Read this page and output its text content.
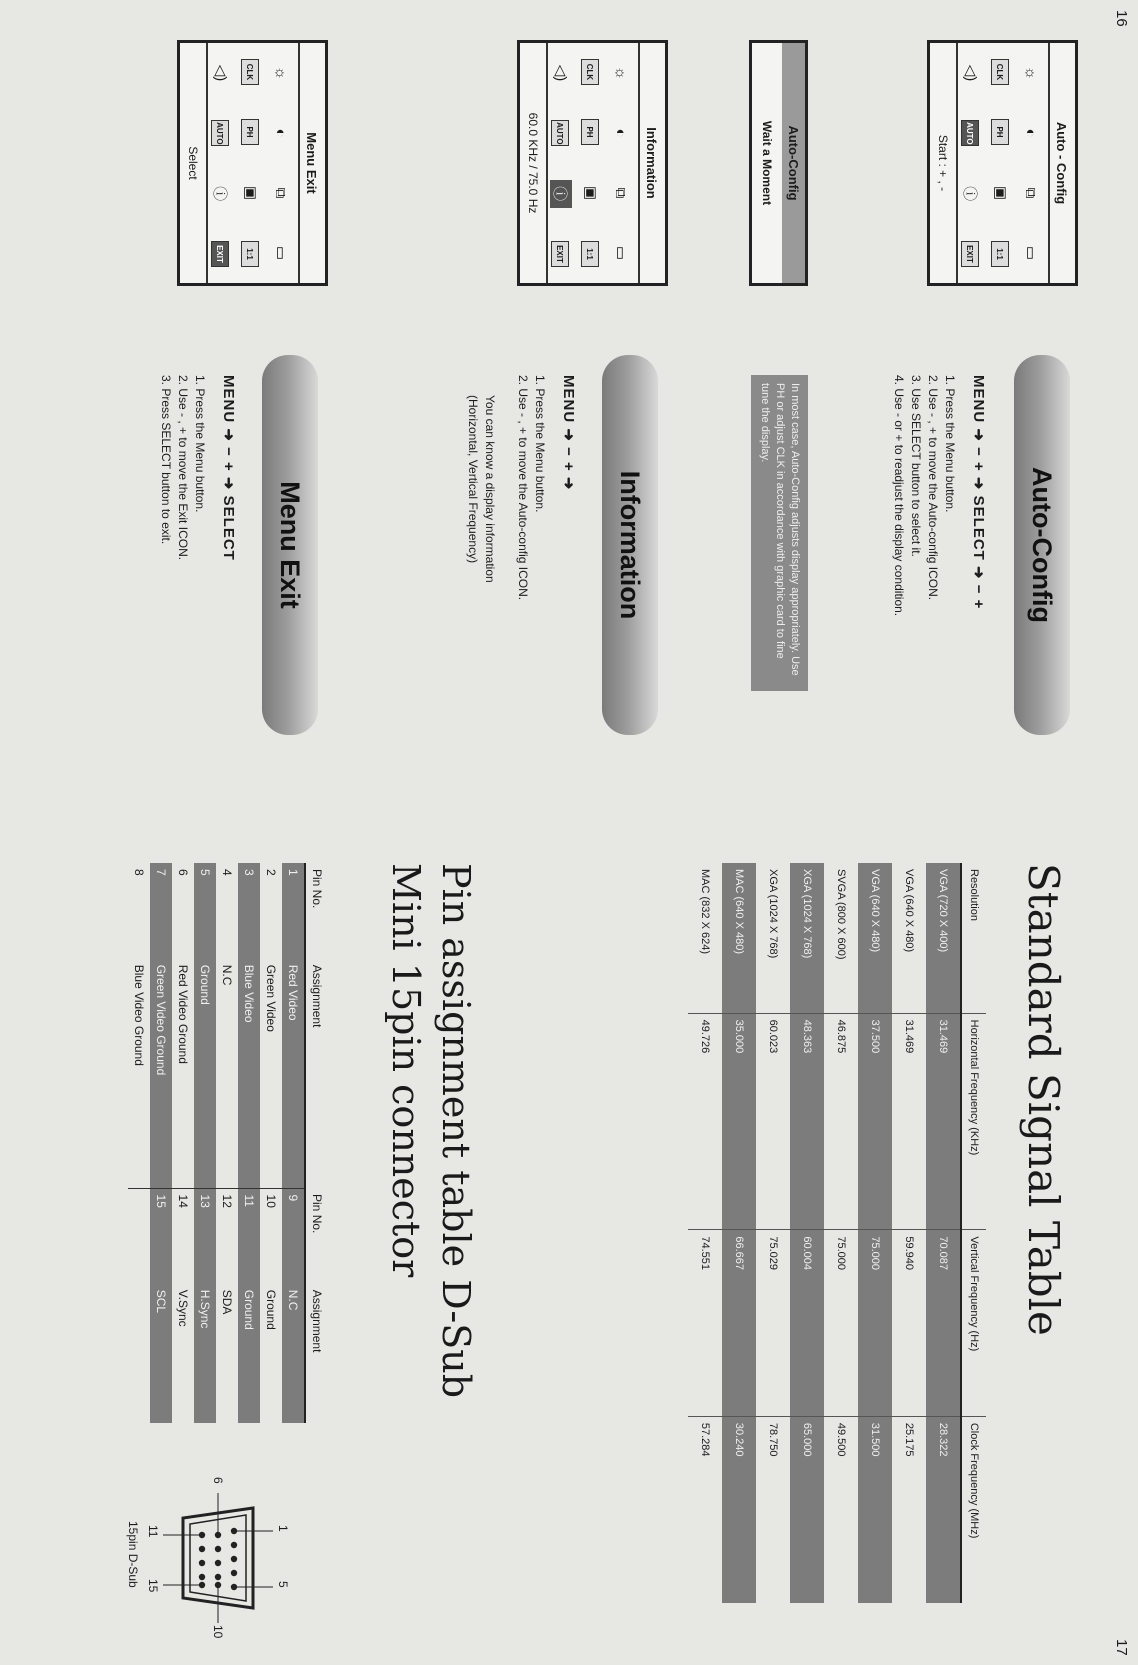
16
Auto - Config
☼
◐
⧉
▭
CLK
PH
▣
1:1
◁)
AUTO
ⓘ
EXIT
Start : + , -
Auto-Config
MENU ➜ − + ➜ SELECT ➜ − +
1. Press the Menu button.
2. Use - , + to move the Auto-config ICON.
3. Use SELECT button to select it.
4. Use - or + to readjust the display condition.
Auto-Config
Wait a Moment
In most case, Auto-Config adjusts display appropriately. Use PH or adjust CLK in accordance with graphic card to fine tune the display.
Information
☼
◐
⧉
▭
CLK
PH
▣
1:1
◁)
AUTO
ⓘ
EXIT
60.0 KHz / 75.0 Hz
Information
MENU ➜ − + ➜
1. Press the Menu button.
2. Use - , + to move the Auto-config ICON.
You can know a display information
(Horizontal, Vertical Frequency)
Menu Exit
☼
◐
⧉
▭
CLK
PH
▣
1:1
◁)
AUTO
ⓘ
EXIT
Select
Menu Exit
MENU ➜ − + ➜ SELECT
1. Press the Menu button.
2. Use - , + to move the Exit ICON.
3. Press SELECT button to exit.
17
Standard Signal Table
Resolution	Horizontal Frequency (KHz)	Vertical Frequency (Hz)	Clock Frequency (MHz)
VGA (720 X 400)	31.469	70.087	28.322
VGA (640 X 480)	31.469	59.940	25.175
VGA (640 X 480)	37.500	75.000	31.500
SVGA (800 X 600)	46.875	75.000	49.500
XGA (1024 X 768)	48.363	60.004	65.000
XGA (1024 X 768)	60.023	75.029	78.750
MAC (640 X 480)	35.000	66.667	30.240
MAC (832 X 624)	49.726	74.551	57.284
Pin assignment table D-Sub
Mini 15pin connector
Pin No.	Assignment	Pin No.	Assignment
1	Red Video	9	N.C
2	Green Video	10	Ground
3	Blue Video	11	Ground
4	N.C	12	SDA
5	Ground	13	H.Sync
6	Red Video Ground	14	V.Sync
7	Green Video Ground	15	SCL
8	Blue Video Ground		
1
5
6
10
11
15
15pin D-Sub
